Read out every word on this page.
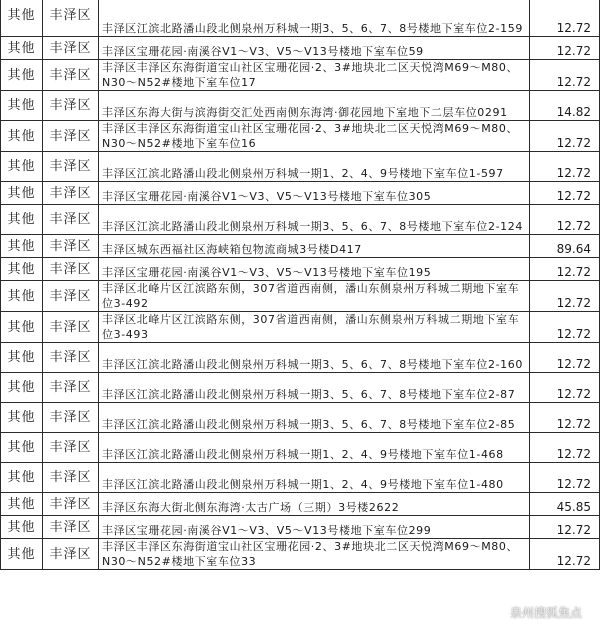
其他	丰泽区	丰泽区江滨北路潘山段北侧泉州万科城一期3、5、6、7、8号楼地下室车位2-159	12.72
其他	丰泽区	丰泽区宝珊花园·南溪谷V1～V3、V5～V13号楼地下室车位59	12.72
其他	丰泽区	丰泽区丰泽区东海街道宝山社区宝珊花园·2、3#地块北二区天悦湾M69～M80、N30～N52#楼地下室车位17	12.72
其他	丰泽区	丰泽区东海大街与滨海街交汇处西南侧东海湾·御花园地下室地下二层车位0291	14.82
其他	丰泽区	丰泽区丰泽区东海街道宝山社区宝珊花园·2、3#地块北二区天悦湾M69～M80、N30～N52#楼地下室车位16	12.72
其他	丰泽区	丰泽区江滨北路潘山段北侧泉州万科城一期1、2、4、9号楼地下室车位1-597	12.72
其他	丰泽区	丰泽区宝珊花园·南溪谷V1～V3、V5～V13号楼地下室车位305	12.72
其他	丰泽区	丰泽区江滨北路潘山段北侧泉州万科城一期3、5、6、7、8号楼地下室车位2-124	12.72
其他	丰泽区	丰泽区城东西福社区海峡箱包物流商城3号楼D417	89.64
其他	丰泽区	丰泽区宝珊花园·南溪谷V1～V3、V5～V13号楼地下室车位195	12.72
其他	丰泽区	丰泽区北峰片区江滨路东侧，307省道西南侧，潘山东侧泉州万科城二期地下室车位3-492	12.72
其他	丰泽区	丰泽区北峰片区江滨路东侧，307省道西南侧，潘山东侧泉州万科城二期地下室车位3-493	12.72
其他	丰泽区	丰泽区江滨北路潘山段北侧泉州万科城一期3、5、6、7、8号楼地下室车位2-160	12.72
其他	丰泽区	丰泽区江滨北路潘山段北侧泉州万科城一期3、5、6、7、8号楼地下室车位2-87	12.72
其他	丰泽区	丰泽区江滨北路潘山段北侧泉州万科城一期3、5、6、7、8号楼地下室车位2-85	12.72
其他	丰泽区	丰泽区江滨北路潘山段北侧泉州万科城一期1、2、4、9号楼地下室车位1-468	12.72
其他	丰泽区	丰泽区江滨北路潘山段北侧泉州万科城一期1、2、4、9号楼地下室车位1-480	12.72
其他	丰泽区	丰泽区东海大街北侧东海湾·太古广场（三期）3号楼2622	45.85
其他	丰泽区	丰泽区宝珊花园·南溪谷V1～V3、V5～V13号楼地下室车位299	12.72
其他	丰泽区	丰泽区丰泽区东海街道宝山社区宝珊花园·2、3#地块北二区天悦湾M69～M80、N30～N52#楼地下室车位33	12.72
泉州搜狐焦点
